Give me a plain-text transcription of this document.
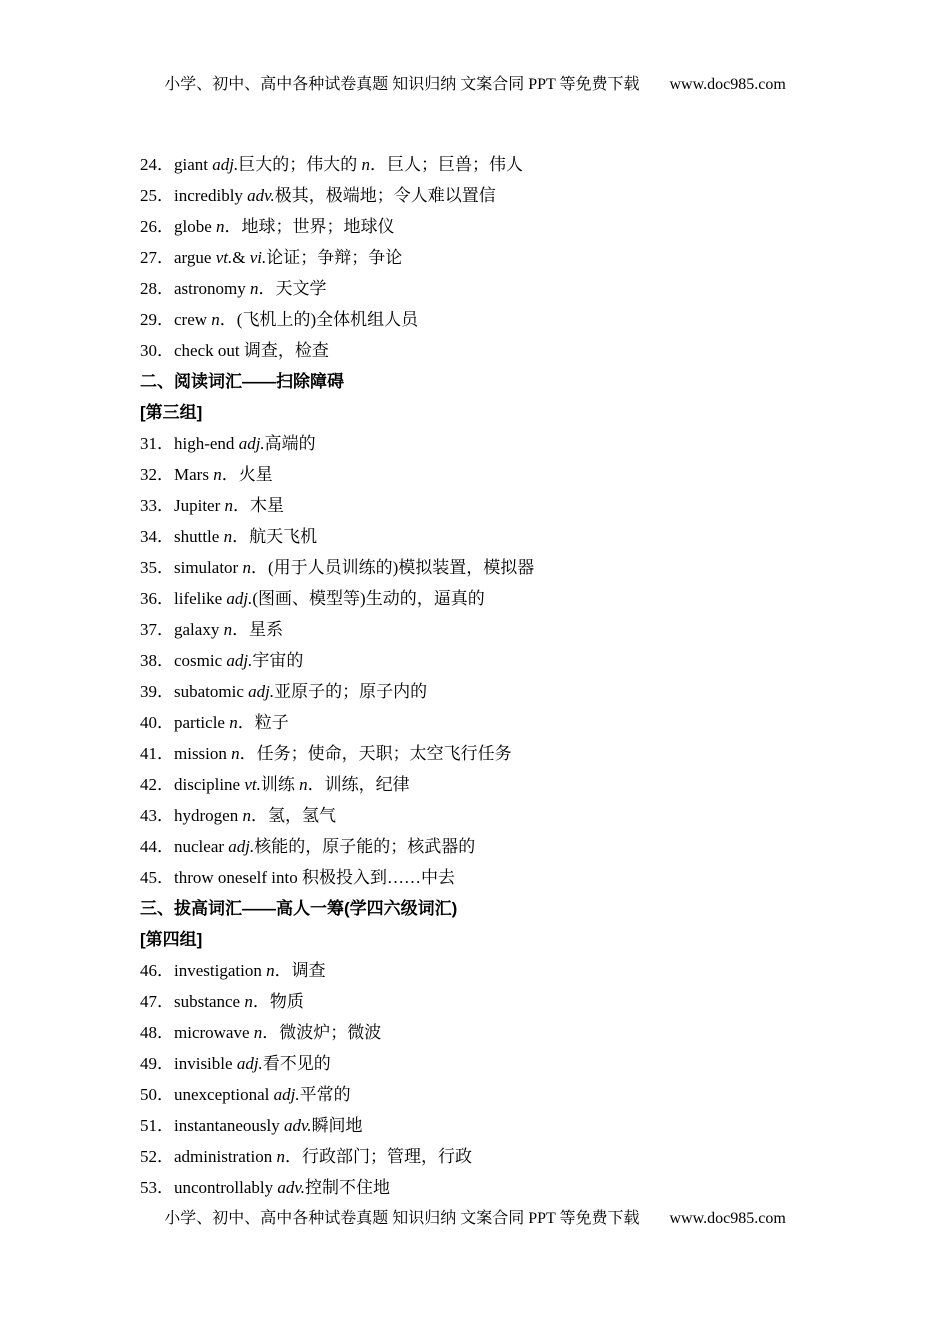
小学、初中、高中各种试卷真题 知识归纳 文案合同 PPT 等免费下载 www.doc985.com
24．giant adj.巨大的；伟大的 n．巨人；巨兽；伟人
25．incredibly adv.极其，极端地；令人难以置信
26．globe n．地球；世界；地球仪
27．argue vt.& vi.论证；争辩；争论
28．astronomy n．天文学
29．crew n．(飞机上的)全体机组人员
30．check out 调查，检查
二、阅读词汇——扫除障碍
[第三组]
31．high-end adj.高端的
32．Mars n．火星
33．Jupiter n．木星
34．shuttle n．航天飞机
35．simulator n．(用于人员训练的)模拟装置，模拟器
36．lifelike adj.(图画、模型等)生动的，逼真的
37．galaxy n．星系
38．cosmic adj.宇宙的
39．subatomic adj.亚原子的；原子内的
40．particle n．粒子
41．mission n．任务；使命，天职；太空飞行任务
42．discipline vt.训练 n．训练，纪律
43．hydrogen n．氢，氢气
44．nuclear adj.核能的，原子能的；核武器的
45．throw oneself into 积极投入到……中去
三、拔高词汇——高人一筹(学四六级词汇)
[第四组]
46．investigation n．调查
47．substance n．物质
48．microwave n．微波炉；微波
49．invisible adj.看不见的
50．unexceptional adj.平常的
51．instantaneously adv.瞬间地
52．administration n．行政部门；管理，行政
53．uncontrollably adv.控制不住地
小学、初中、高中各种试卷真题 知识归纳 文案合同 PPT 等免费下载 www.doc985.com
